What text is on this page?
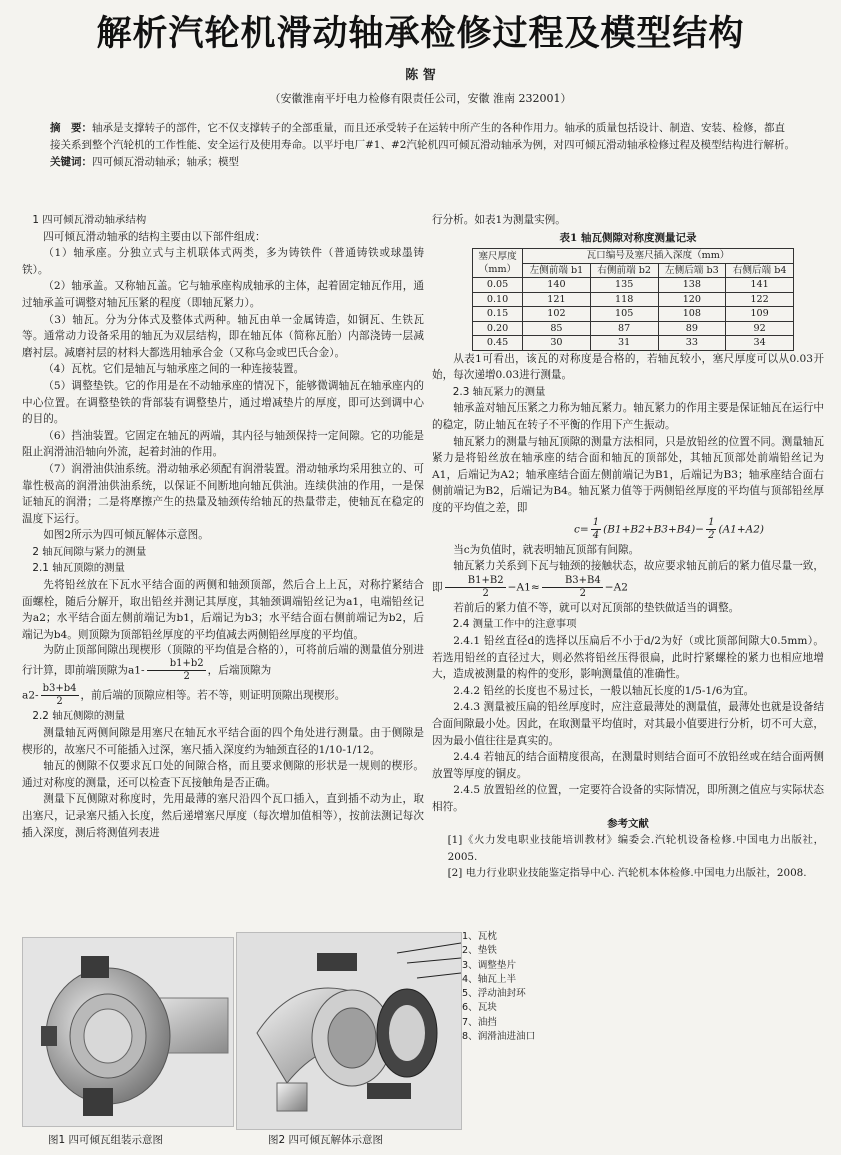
解析汽轮机滑动轴承检修过程及模型结构
陈 智
（安徽淮南平圩电力检修有限责任公司，安徽 淮南 232001）
摘　要：轴承是支撑转子的部件，它不仅支撑转子的全部重量，而且还承受转子在运转中所产生的各种作用力。轴承的质量包括设计、制造、安装、检修，都直接关系到整个汽轮机的工作性能、安全运行及使用寿命。以平圩电厂#1、#2汽轮机四可倾瓦滑动轴承为例，对四可倾瓦滑动轴承检修过程及模型结构进行解析。
关键词：四可倾瓦滑动轴承；轴承；模型

1 四可倾瓦滑动轴承结构

四可倾瓦滑动轴承的结构主要由以下部件组成：

（1）轴承座。分独立式与主机联体式两类，多为铸铁件（普通铸铁或球墨铸铁）。

（2）轴承盖。又称轴瓦盖。它与轴承座构成轴承的主体，起着固定轴瓦作用，通过轴承盖可调整对轴瓦压紧的程度（即轴瓦紧力）。

（3）轴瓦。分为分体式及整体式两种。轴瓦由单一金属铸造，如铜瓦、生铁瓦等。通常动力设备采用的轴瓦为双层结构，即在轴瓦体（简称瓦胎）内部浇铸一层减磨衬层。减磨衬层的材料大都选用轴承合金（又称乌金或巴氏合金）。

（4）瓦枕。它们是轴瓦与轴承座之间的一种连接装置。

（5）调整垫铁。它的作用是在不动轴承座的情况下，能够微调轴瓦在轴承座内的中心位置。在调整垫铁的背部装有调整垫片，通过增减垫片的厚度，即可达到调中心的目的。

（6）挡油装置。它固定在轴瓦的两端，其内径与轴颈保持一定间隙。它的功能是阻止润滑油沿轴向外流，起着封油的作用。

（7）润滑油供油系统。滑动轴承必须配有润滑装置。滑动轴承均采用独立的、可靠性极高的润滑油供油系统，以保证不间断地向轴瓦供油。连续供油的作用，一是保证轴瓦的润滑；二是将摩擦产生的热量及轴颈传给轴瓦的热量带走，使轴瓦在稳定的温度下运行。

如图2所示为四可倾瓦解体示意图。

2 轴瓦间隙与紧力的测量

2.1 轴瓦顶隙的测量

先将铅丝放在下瓦水平结合面的两侧和轴颈顶部，然后合上上瓦，对称拧紧结合面螺栓，随后分解开，取出铅丝并测记其厚度，其轴颈调端铅丝记为a1，电端铅丝记为a2；水平结合面左侧前端记为b1，后端记为b3；水平结合面右侧前端记为b2，后端记为b4。则顶隙为顶部铅丝厚度的平均值减去两侧铅丝厚度的平均值。

为防止顶部间隙出现楔形（顶隙的平均值是合格的），可将前后端的测量值分别进行计算，即前端顶隙为$a1- \frac{b1+b2}{2}$ ，后端顶隙为

$a2- \frac{b3+b4}{2}$ ，前后端的顶隙应相等。若不等，则证明顶隙出现楔形。

2.2 轴瓦侧隙的测量

测量轴瓦两侧间隙是用塞尺在轴瓦水平结合面的四个角处进行测量。由于侧隙是楔形的，故塞尺不可能插入过深，塞尺插入深度约为轴颈直径的1/10-1/12。

轴瓦的侧隙不仅要求瓦口处的间隙合格，而且要求侧隙的形状是一规则的楔形。通过对称度的测量，还可以检查下瓦接触角是否正确。

测量下瓦侧隙对称度时，先用最薄的塞尺沿四个瓦口插入，直到插不动为止，取出塞尺，记录塞尺插入长度，然后递增塞尺厚度（每次增加值相等），按前法测记每次插入深度，测后将测值列表进

行分析。如表1为测量实例。

表1 轴瓦侧隙对称度测量记录
塞尺厚度
（mm）	瓦口编号及塞尺插入深度（mm）			
	左侧前端 b1	右侧前端 b2	左侧后端 b3	右侧后端 b4
0.05	140	135	138	141
0.10	121	118	120	122
0.15	102	105	108	109
0.20	85	87	89	92
0.45	30	31	33	34

从表1可看出，该瓦的对称度是合格的，若轴瓦较小，塞尺厚度可以从0.03开始，每次递增0.03进行测量。

2.3 轴瓦紧力的测量

轴承盖对轴瓦压紧之力称为轴瓦紧力。轴瓦紧力的作用主要是保证轴瓦在运行中的稳定，防止轴瓦在转子不平衡的作用下产生振动。

轴瓦紧力的测量与轴瓦顶隙的测量方法相同，只是放铅丝的位置不同。测量轴瓦紧力是将铅丝放在轴承座的结合面和轴瓦的顶部处，其轴瓦顶部处前端铅丝记为A1，后端记为A2；轴承座结合面左侧前端记为B1，后端记为B3；轴承座结合面右侧前端记为B2，后端记为B4。轴瓦紧力值等于两侧铅丝厚度的平均值与顶部铅丝厚度的平均值之差，即

$c= \frac{1}{4} (B1+B2+B3+B4)- \frac{1}{2} (A1+A2)$

当c为负值时，就表明轴瓦顶部有间隙。

轴瓦紧力关系到下瓦与轴颈的接触状态，故应要求轴瓦前后的紧力值尽量一致，即 $\frac{B1+B2}{2} -A1\approx \frac{B3+B4}{2} -A2$

若前后的紧力值不等，就可以对瓦顶部的垫铁做适当的调整。

2.4 测量工作中的注意事项

2.4.1 铅丝直径d的选择以压扁后不小于d/2为好（或比顶部间隙大0.5mm）。若选用铅丝的直径过大，则必然将铅丝压得很扁，此时拧紧螺栓的紧力也相应地增大，造成被测量的构件的变形，影响测量值的准确性。

2.4.2 铅丝的长度也不易过长，一般以轴瓦长度的1/5-1/6为宜。

2.4.3 测量被压扁的铅丝厚度时，应注意最薄处的测量值，最薄处也就是设备结合面间隙最小处。因此，在取测量平均值时，对其最小值要进行分析，切不可大意，因为最小值往往是真实的。

2.4.4 若轴瓦的结合面精度很高，在测量时则结合面可不放铅丝或在结合面两侧放置等厚度的铜皮。

2.4.5 放置铅丝的位置，一定要符合设备的实际情况，即所测之值应与实际状态相符。

参考文献

[1]《火力发电职业技能培训教材》编委会.汽轮机设备检修.中国电力出版社，2005.

[2] 电力行业职业技能鉴定指导中心. 汽轮机本体检修.中国电力出版社，2008.

1、瓦枕
2、垫铁
3、调整垫片
4、轴瓦上半
5、浮动油封环
6、瓦块
7、油挡
8、润滑油进油口
图1 四可倾瓦组装示意图	图2 四可倾瓦解体示意图
